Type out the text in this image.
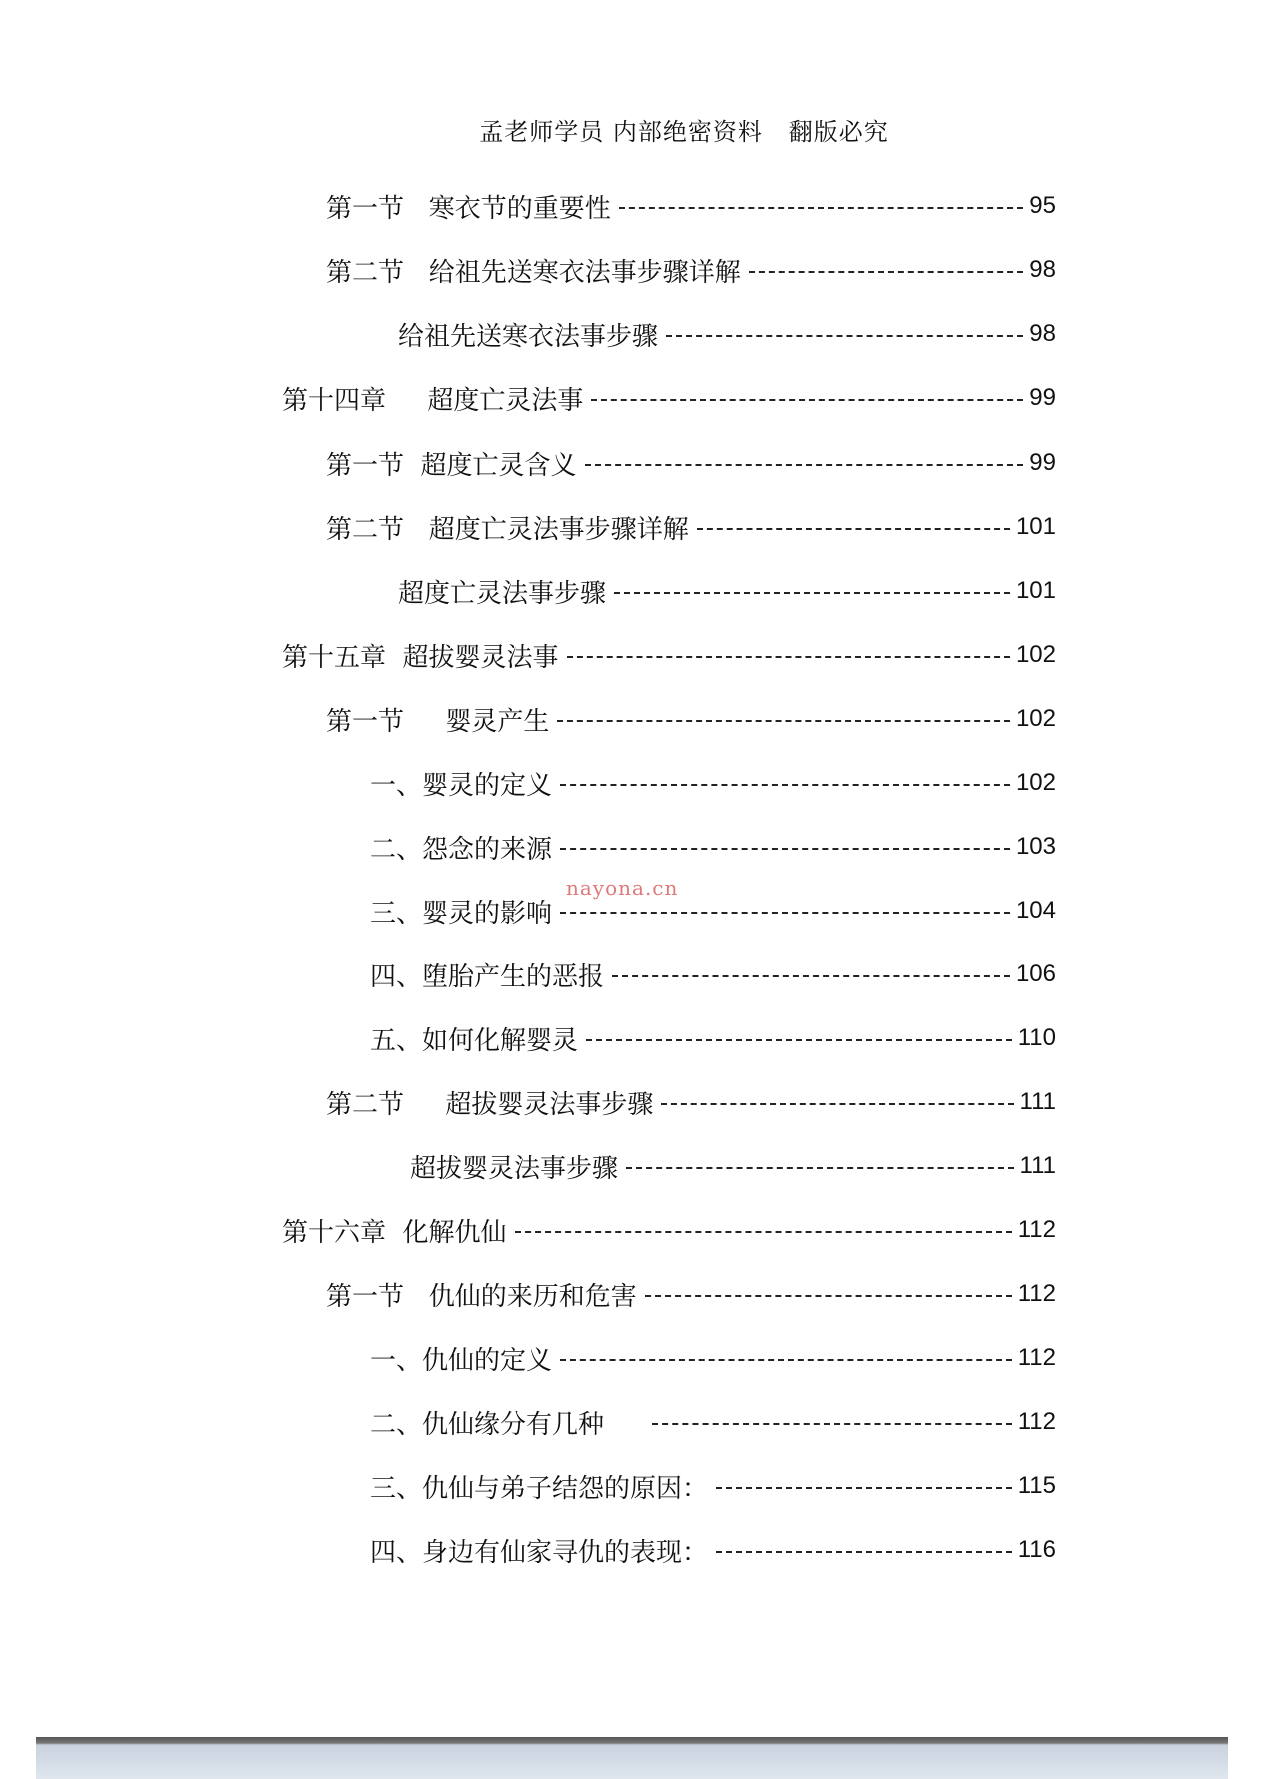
孟老师学员 内部绝密资料   翻版必究
第一节   寒衣节的重要性	95
第二节   给祖先送寒衣法事步骤详解	98
给祖先送寒衣法事步骤	98
第十四章     超度亡灵法事	99
第一节  超度亡灵含义	99
第二节   超度亡灵法事步骤详解	101
超度亡灵法事步骤	101
第十五章  超拔婴灵法事	102
第一节     婴灵产生	102
一、婴灵的定义	102
二、怨念的来源	103
三、婴灵的影响	104
四、堕胎产生的恶报	106
五、如何化解婴灵	110
第二节     超拔婴灵法事步骤	111
超拔婴灵法事步骤	111
第十六章  化解仇仙	112
第一节   仇仙的来历和危害	112
一、仇仙的定义	112
二、仇仙缘分有几种	112
三、仇仙与弟子结怨的原因：	115
四、身边有仙家寻仇的表现：	116
nayona.cn
